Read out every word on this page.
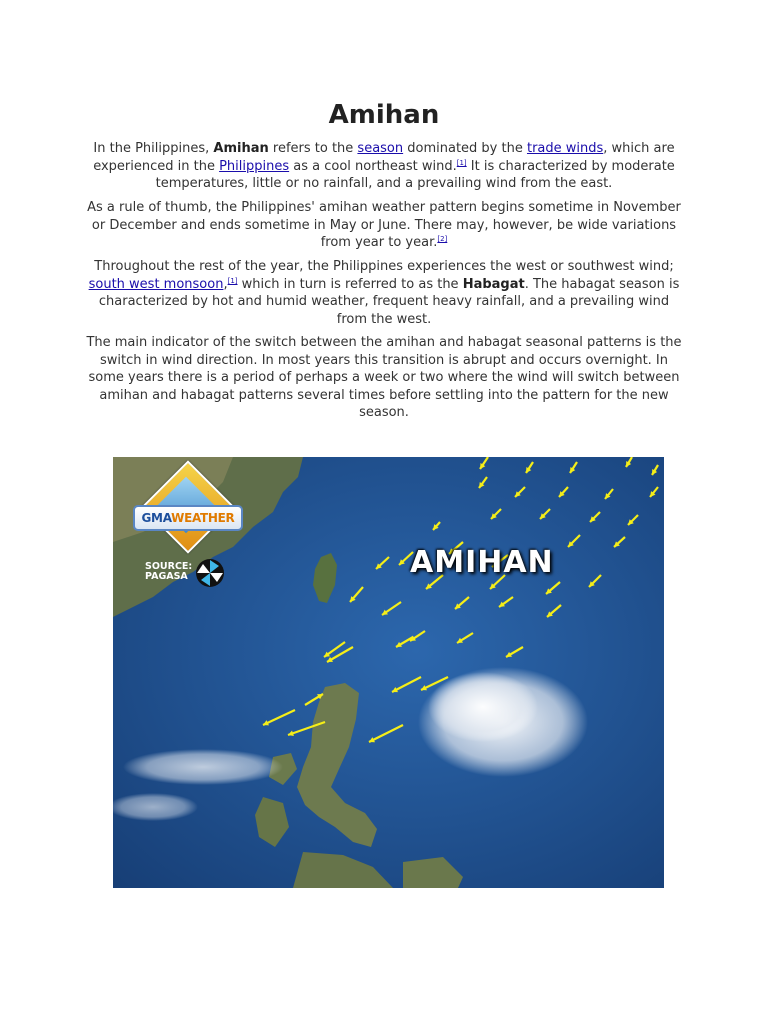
Amihan

In the Philippines, Amihan refers to the season dominated by the trade winds, which are experienced in the Philippines as a cool northeast wind.[1] It is characterized by moderate temperatures, little or no rainfall, and a prevailing wind from the east.

As a rule of thumb, the Philippines' amihan weather pattern begins sometime in November or December and ends sometime in May or June. There may, however, be wide variations from year to year.[2]

Throughout the rest of the year, the Philippines experiences the west or southwest wind; south west monsoon,[1] which in turn is referred to as the Habagat. The habagat season is characterized by hot and humid weather, frequent heavy rainfall, and a prevailing wind from the west.

The main indicator of the switch between the amihan and habagat seasonal patterns is the switch in wind direction. In most years this transition is abrupt and occurs overnight. In some years there is a period of perhaps a week or two where the wind will switch between amihan and habagat patterns several times before settling into the pattern for the new season.

GMAWEATHER
SOURCE:
PAGASA	AMIHAN
